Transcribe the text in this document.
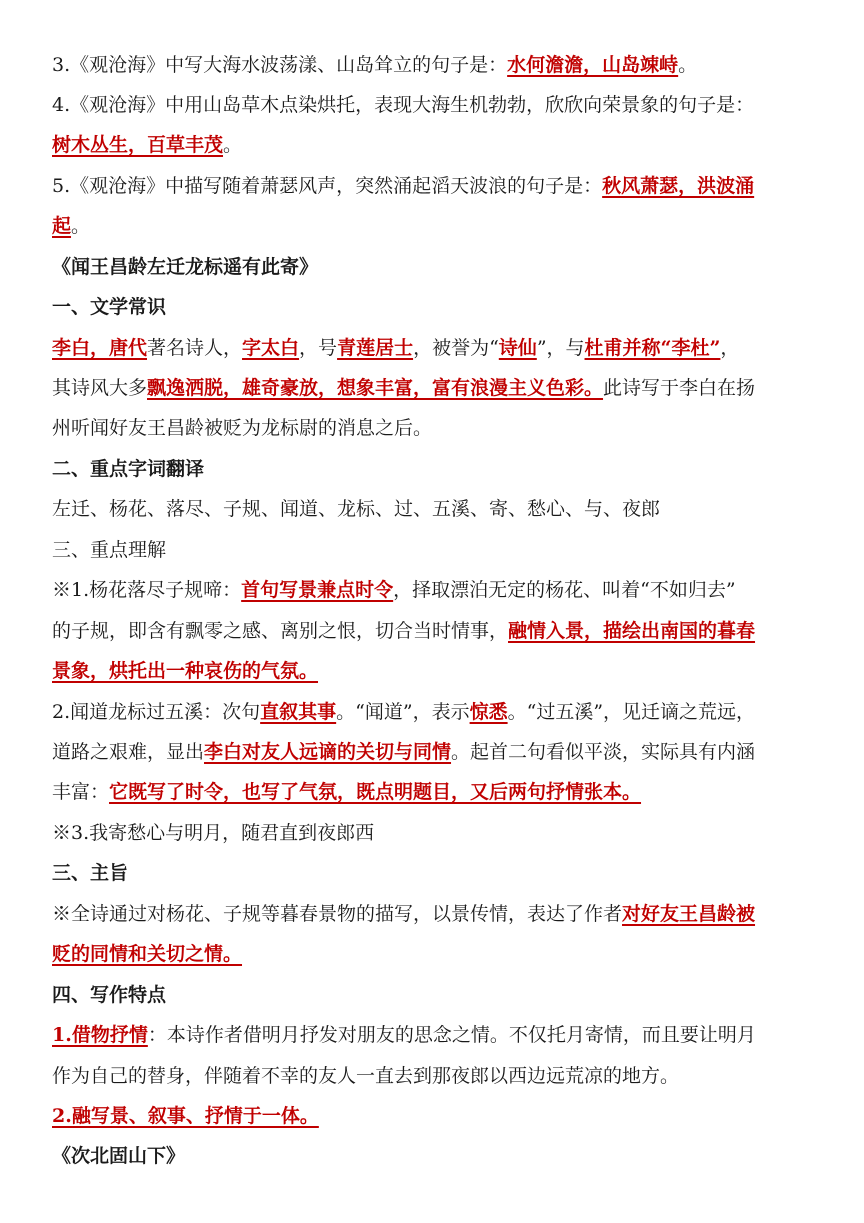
3.《观沧海》中写大海水波荡漾、山岛耸立的句子是：水何澹澹，山岛竦峙。
4.《观沧海》中用山岛草木点染烘托，表现大海生机勃勃，欣欣向荣景象的句子是：
树木丛生，百草丰茂。
5.《观沧海》中描写随着萧瑟风声，突然涌起滔天波浪的句子是：秋风萧瑟，洪波涌
起。
《闻王昌龄左迁龙标遥有此寄》
一、文学常识
李白，唐代著名诗人，字太白，号青莲居士，被誉为“诗仙”，与杜甫并称“李杜”，
其诗风大多飘逸洒脱，雄奇豪放，想象丰富，富有浪漫主义色彩。此诗写于李白在扬
州听闻好友王昌龄被贬为龙标尉的消息之后。
二、重点字词翻译
左迁、杨花、落尽、子规、闻道、龙标、过、五溪、寄、愁心、与、夜郎
三、重点理解
※1.杨花落尽子规啼：首句写景兼点时令，择取漂泊无定的杨花、叫着“不如归去”
的子规，即含有飘零之感、离别之恨，切合当时情事，融情入景，描绘出南国的暮春
景象，烘托出一种哀伤的气氛。
2.闻道龙标过五溪：次句直叙其事。“闻道”，表示惊悉。“过五溪”，见迁谪之荒远，
道路之艰难，显出李白对友人远谪的关切与同情。起首二句看似平淡，实际具有内涵
丰富：它既写了时令，也写了气氛，既点明题目，又后两句抒情张本。
※3.我寄愁心与明月，随君直到夜郎西
三、主旨
※全诗通过对杨花、子规等暮春景物的描写，以景传情，表达了作者对好友王昌龄被
贬的同情和关切之情。
四、写作特点
1.借物抒情：本诗作者借明月抒发对朋友的思念之情。不仅托月寄情，而且要让明月
作为自己的替身，伴随着不幸的友人一直去到那夜郎以西边远荒凉的地方。
2.融写景、叙事、抒情于一体。
《次北固山下》
